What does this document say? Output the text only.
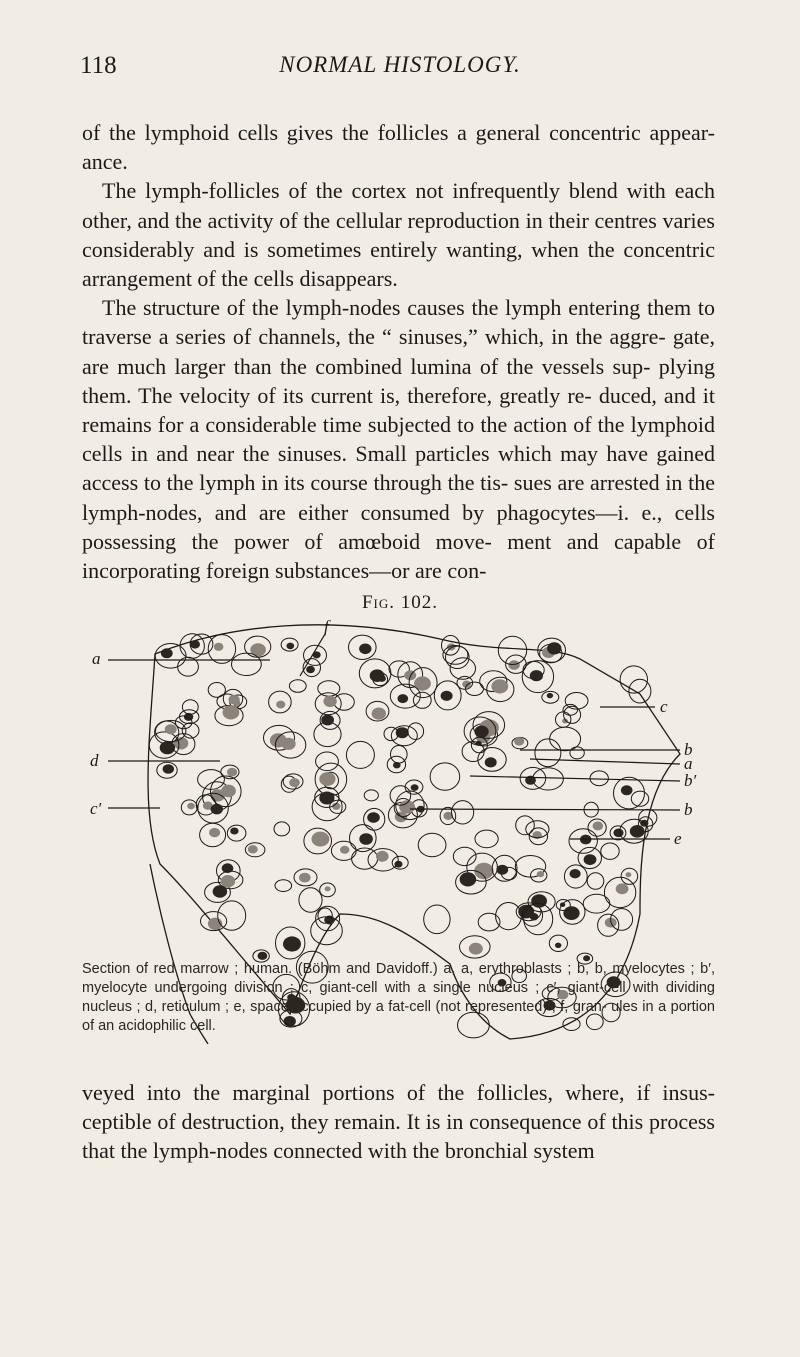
118	NORMAL HISTOLOGY.

of the lymphoid cells gives the follicles a general concentric appear- ance.

The lymph-follicles of the cortex not infrequently blend with each other, and the activity of the cellular reproduction in their centres varies considerably and is sometimes entirely wanting, when the concentric arrangement of the cells disappears.

The structure of the lymph-nodes causes the lymph entering them to traverse a series of channels, the “ sinuses,” which, in the aggre- gate, are much larger than the combined lumina of the vessels sup- plying them. The velocity of its current is, therefore, greatly re- duced, and it remains for a considerable time subjected to the action of the lymphoid cells in and near the sinuses. Small particles which may have gained access to the lymph in its course through the tis- sues are arrested in the lymph-nodes, and are either consumed by phagocytes—i. e., cells possessing the power of amœboid move- ment and capable of incorporating foreign substances—or are con-

Fig. 102.
a
d
c′
f
c
b
a
b′
b
e
Section of red marrow ; human. (Böhm and Davidoff.) a, a, erythroblasts ; b, b, myelocytes ; b′, myelocyte undergoing division ; c, giant-cell with a single nucleus ; c′, giant-cell with dividing nucleus ; d, reticulum ; e, space occupied by a fat-cell (not represented) ; f, gran- ules in a portion of an acidophilic cell.

veyed into the marginal portions of the follicles, where, if insus- ceptible of destruction, they remain. It is in consequence of this process that the lymph-nodes connected with the bronchial system
